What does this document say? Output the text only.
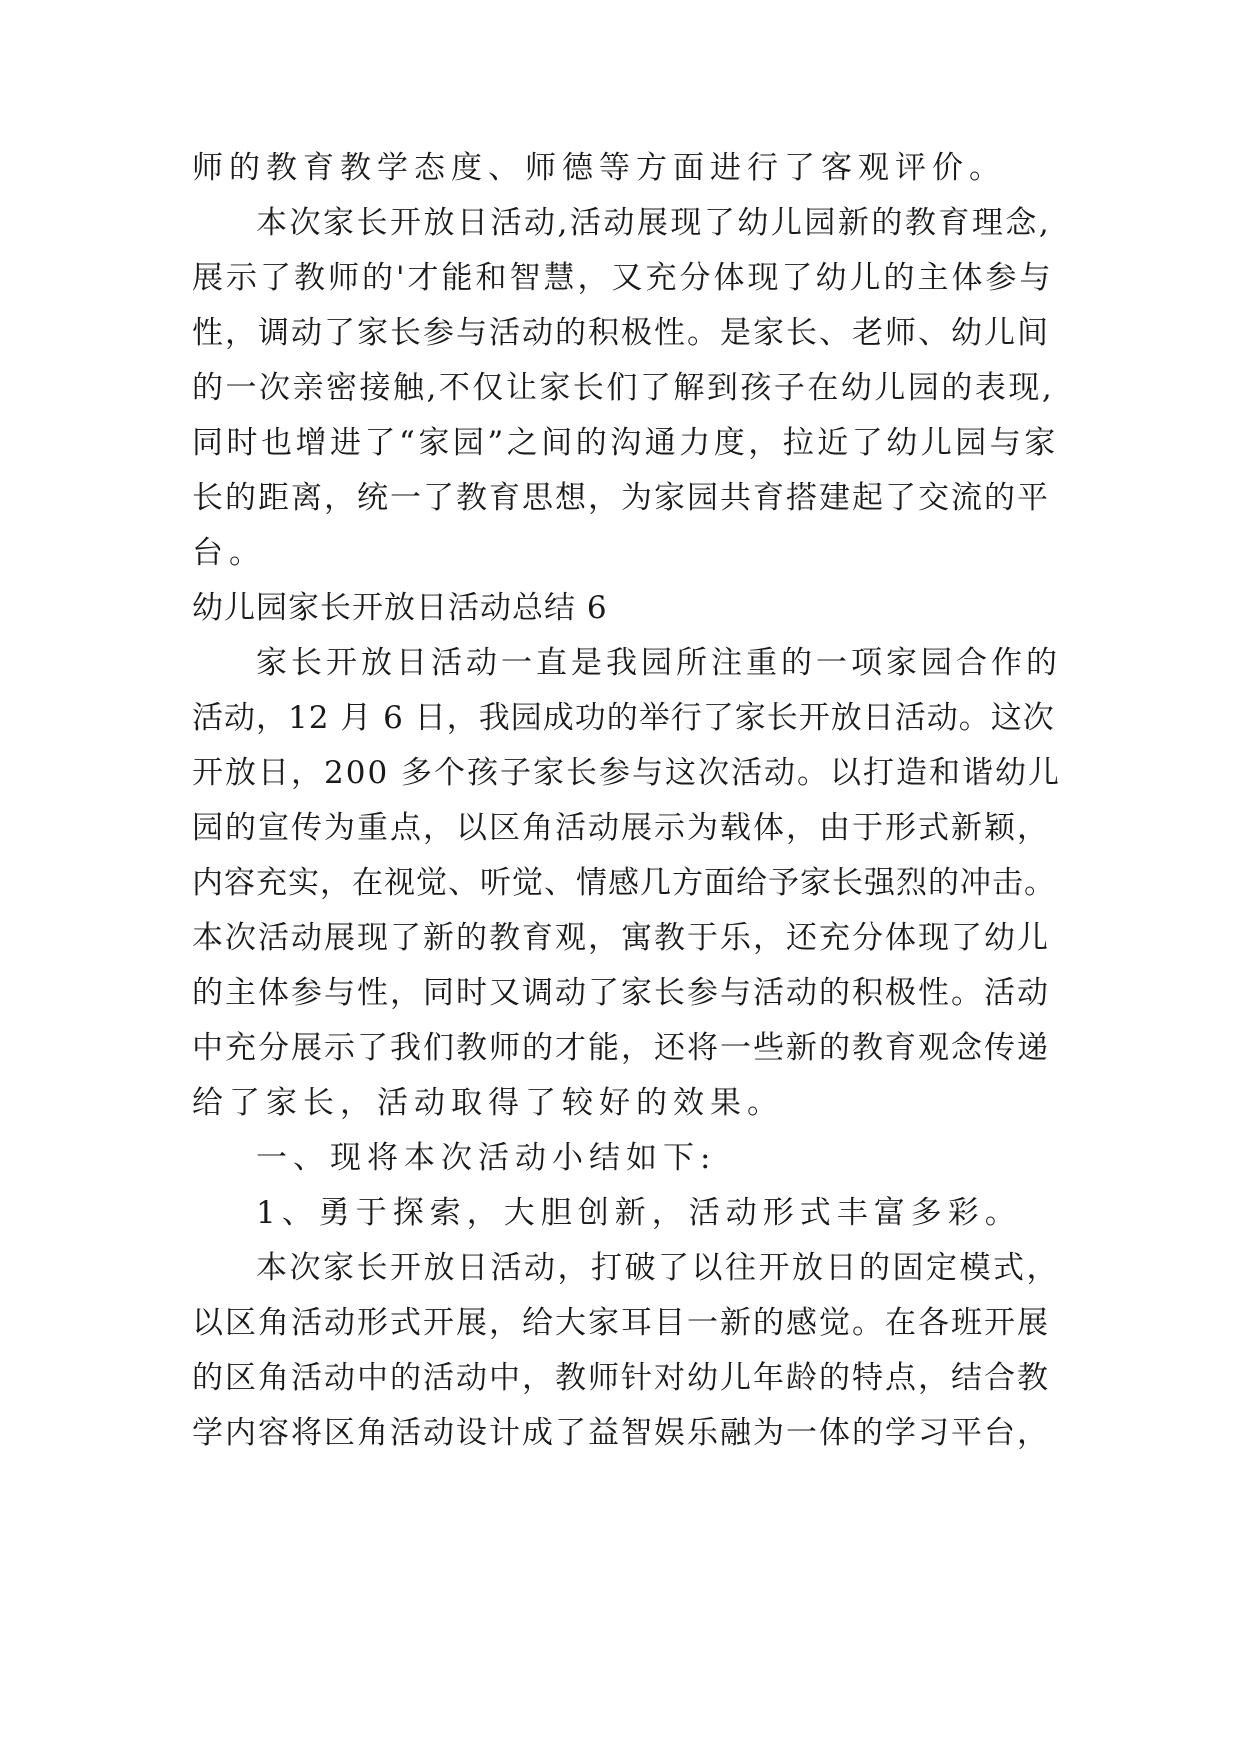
师的教育教学态度、师德等方面进行了客观评价。

本次家长开放日活动,活动展现了幼儿园新的教育理念,

展示了教师的'才能和智慧，又充分体现了幼儿的主体参与

性，调动了家长参与活动的积极性。是家长、老师、幼儿间

的一次亲密接触,不仅让家长们了解到孩子在幼儿园的表现,

同时也增进了“家园”之间的沟通力度，拉近了幼儿园与家

长的距离，统一了教育思想，为家园共育搭建起了交流的平

台。

幼儿园家长开放日活动总结 6

家长开放日活动一直是我园所注重的一项家园合作的

活动，12 月 6 日，我园成功的举行了家长开放日活动。这次

开放日，200 多个孩子家长参与这次活动。以打造和谐幼儿

园的宣传为重点，以区角活动展示为载体，由于形式新颖，

内容充实，在视觉、听觉、情感几方面给予家长强烈的冲击。

本次活动展现了新的教育观，寓教于乐，还充分体现了幼儿

的主体参与性，同时又调动了家长参与活动的积极性。活动

中充分展示了我们教师的才能，还将一些新的教育观念传递

给了家长，活动取得了较好的效果。

一、现将本次活动小结如下:

1、勇于探索，大胆创新，活动形式丰富多彩。

本次家长开放日活动，打破了以往开放日的固定模式，

以区角活动形式开展，给大家耳目一新的感觉。在各班开展

的区角活动中的活动中，教师针对幼儿年龄的特点，结合教

学内容将区角活动设计成了益智娱乐融为一体的学习平台，
